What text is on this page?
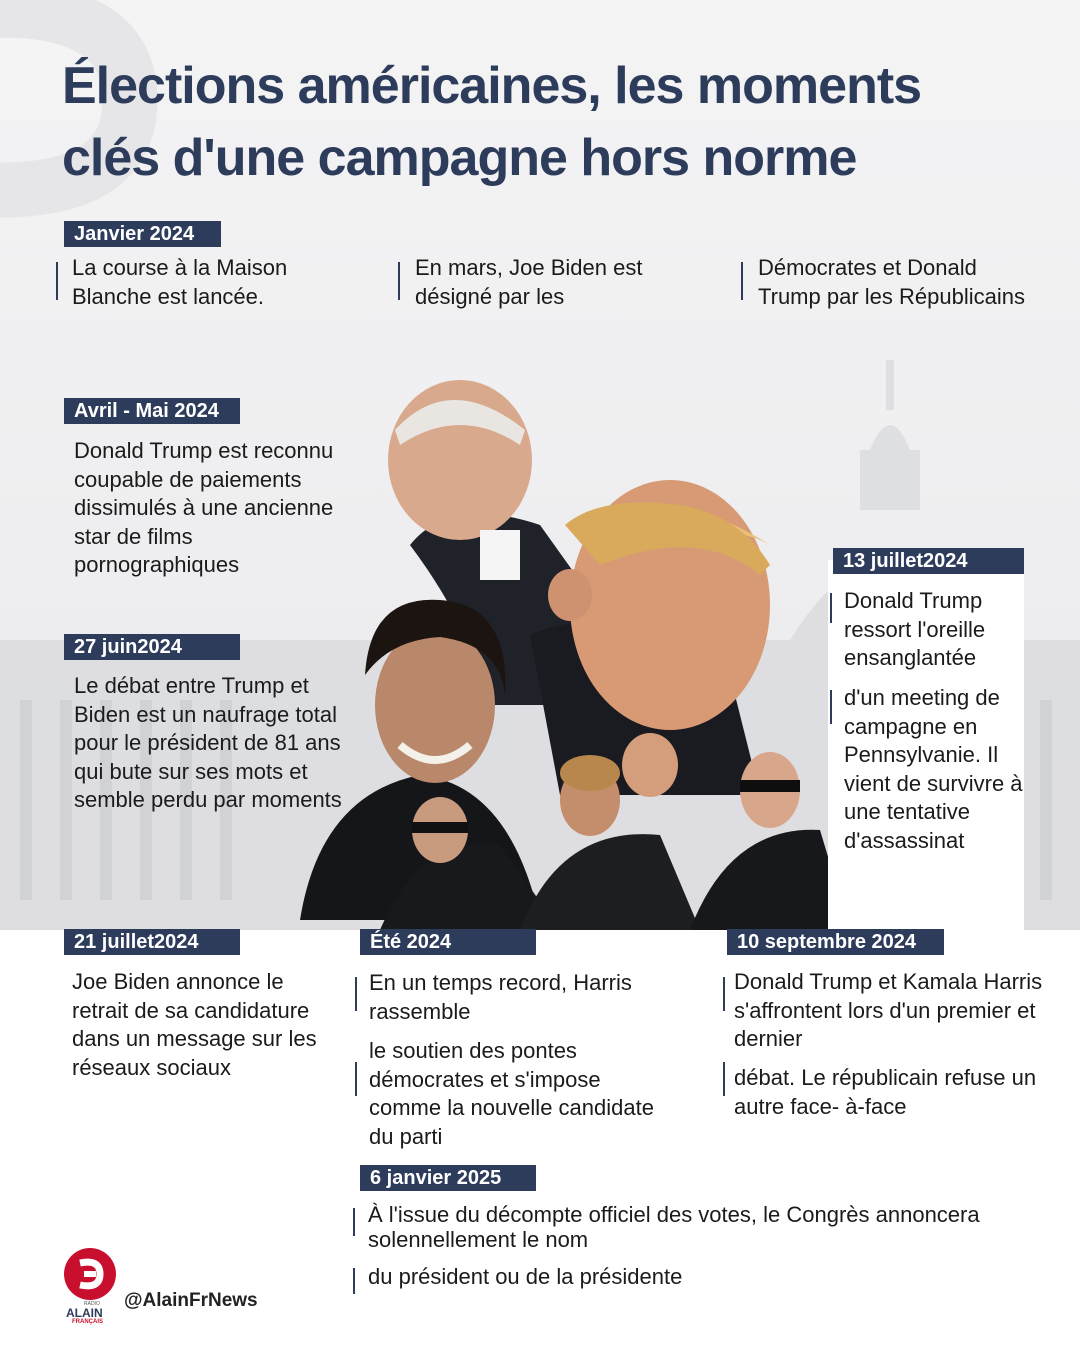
Élections américaines, les moments clés d'une campagne hors norme
Janvier 2024

La course à la Maison Blanche est lancée.

En mars, Joe Biden est désigné par les

Démocrates et Donald Trump par les Républicains

Avril - Mai 2024

Donald Trump est reconnu coupable de paiements dissimulés à une ancienne star de films pornographiques

27 juin2024

Le débat entre Trump et Biden est un naufrage total pour le président de 81 ans qui bute sur ses mots et semble perdu par moments

13 juillet2024

Donald Trump ressort l'oreille ensanglantée

d'un meeting de campagne en Pennsylvanie. Il vient de survivre à une tentative d'assassinat

21 juillet2024

Joe Biden annonce le retrait de sa candidature dans un message sur les réseaux sociaux

Été 2024

En un temps record, Harris rassemble

le soutien des pontes démocrates et s'impose comme la nouvelle candidate du parti

10 septembre 2024

Donald Trump et Kamala Harris s'affrontent lors d'un premier et dernier

débat. Le républicain refuse un autre face- à-face

6 janvier 2025

À l'issue du décompte officiel des votes, le Congrès annoncera solennellement le nom

du président ou de la présidente

RADIO
ALAIN
FRANÇAIS
@AlainFrNews
